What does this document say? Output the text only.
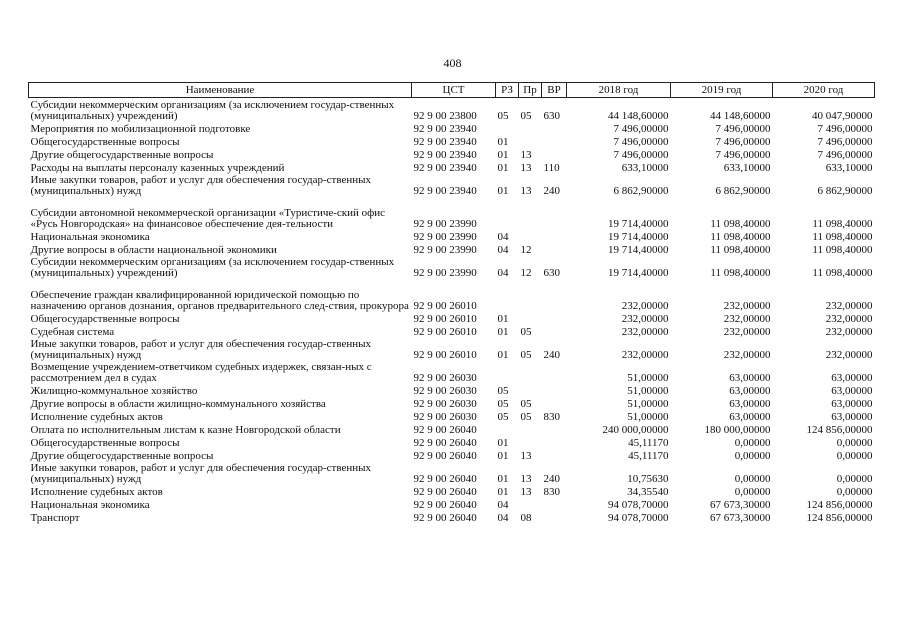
408
Наименование	ЦСТ	РЗ	Пр	ВР	2018 год	2019 год	2020 год
Субсидии некоммерческим организациям (за исключением государ-ственных (муниципальных) учреждений)	92 9 00 23800	05	05	630	44 148,60000	44 148,60000	40 047,90000
Мероприятия по мобилизационной подготовке	92 9 00 23940				7 496,00000	7 496,00000	7 496,00000
Общегосударственные вопросы	92 9 00 23940	01			7 496,00000	7 496,00000	7 496,00000
Другие общегосударственные вопросы	92 9 00 23940	01	13		7 496,00000	7 496,00000	7 496,00000
Расходы на выплаты персоналу казенных учреждений	92 9 00 23940	01	13	110	633,10000	633,10000	633,10000
Иные закупки товаров, работ и услуг для обеспечения государ-ственных (муниципальных) нужд	92 9 00 23940	01	13	240	6 862,90000	6 862,90000	6 862,90000
Субсидии автономной некоммерческой организации «Туристиче-ский офис «Русь Новгородская» на финансовое обеспечение дея-тельности	92 9 00 23990				19 714,40000	11 098,40000	11 098,40000
Национальная экономика	92 9 00 23990	04			19 714,40000	11 098,40000	11 098,40000
Другие вопросы в области национальной экономики	92 9 00 23990	04	12		19 714,40000	11 098,40000	11 098,40000
Субсидии некоммерческим организациям (за исключением государ-ственных (муниципальных) учреждений)	92 9 00 23990	04	12	630	19 714,40000	11 098,40000	11 098,40000
Обеспечение граждан квалифицированной юридической помощью по назначению органов дознания, органов предварительного след-ствия, прокурора	92 9 00 26010				232,00000	232,00000	232,00000
Общегосударственные вопросы	92 9 00 26010	01			232,00000	232,00000	232,00000
Судебная система	92 9 00 26010	01	05		232,00000	232,00000	232,00000
Иные закупки товаров, работ и услуг для обеспечения государ-ственных (муниципальных) нужд	92 9 00 26010	01	05	240	232,00000	232,00000	232,00000
Возмещение учреждением-ответчиком судебных издержек, связан-ных с рассмотрением дел в судах	92 9 00 26030				51,00000	63,00000	63,00000
Жилищно-коммунальное хозяйство	92 9 00 26030	05			51,00000	63,00000	63,00000
Другие вопросы в области жилищно-коммунального хозяйства	92 9 00 26030	05	05		51,00000	63,00000	63,00000
Исполнение судебных актов	92 9 00 26030	05	05	830	51,00000	63,00000	63,00000
Оплата по исполнительным листам к казне Новгородской области	92 9 00 26040				240 000,00000	180 000,00000	124 856,00000
Общегосударственные вопросы	92 9 00 26040	01			45,11170	0,00000	0,00000
Другие общегосударственные вопросы	92 9 00 26040	01	13		45,11170	0,00000	0,00000
Иные закупки товаров, работ и услуг для обеспечения государ-ственных (муниципальных) нужд	92 9 00 26040	01	13	240	10,75630	0,00000	0,00000
Исполнение судебных актов	92 9 00 26040	01	13	830	34,35540	0,00000	0,00000
Национальная экономика	92 9 00 26040	04			94 078,70000	67 673,30000	124 856,00000
Транспорт	92 9 00 26040	04	08		94 078,70000	67 673,30000	124 856,00000
